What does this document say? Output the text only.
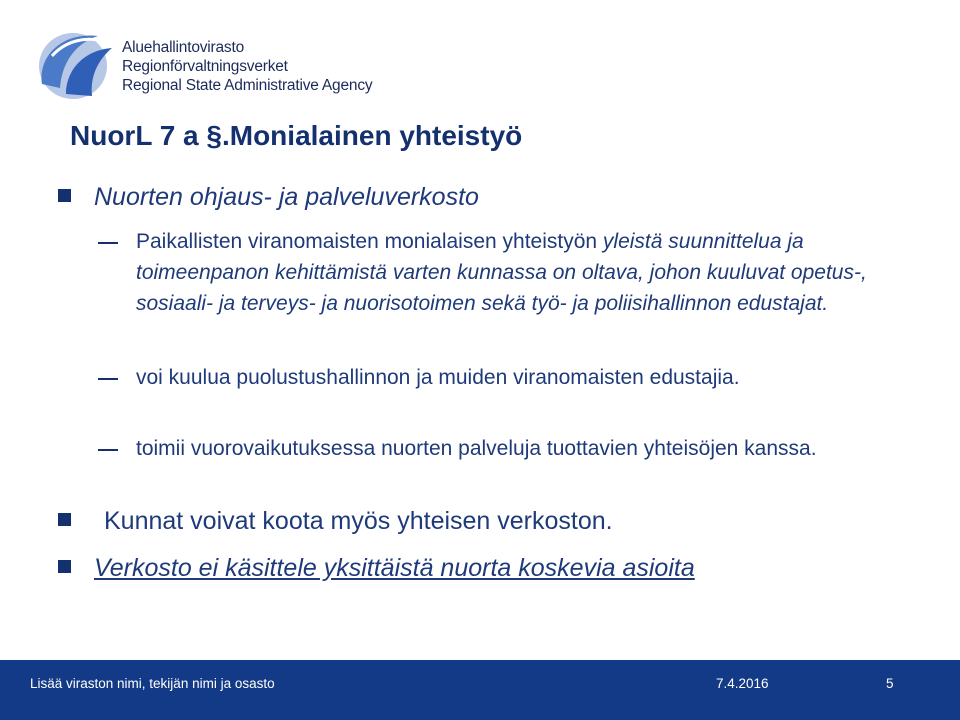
Aluehallintovirasto
Regionförvaltningsverket
Regional State Administrative Agency
NuorL 7 a §.Monialainen yhteistyö
Nuorten ohjaus- ja palveluverkosto
Paikallisten viranomaisten monialaisen yhteistyön yleistä suunnittelua ja toimeenpanon kehittämistä varten kunnassa on oltava, johon kuuluvat opetus-, sosiaali- ja terveys- ja nuorisotoimen sekä työ- ja poliisihallinnon edustajat.
voi kuulua puolustushallinnon ja muiden viranomaisten edustajia.
toimii vuorovaikutuksessa nuorten palveluja tuottavien yhteisöjen kanssa.
Kunnat voivat koota myös yhteisen verkoston.
Verkosto ei käsittele yksittäistä nuorta koskevia asioita
Lisää viraston nimi, tekijän nimi ja osasto	7.4.2016	5
